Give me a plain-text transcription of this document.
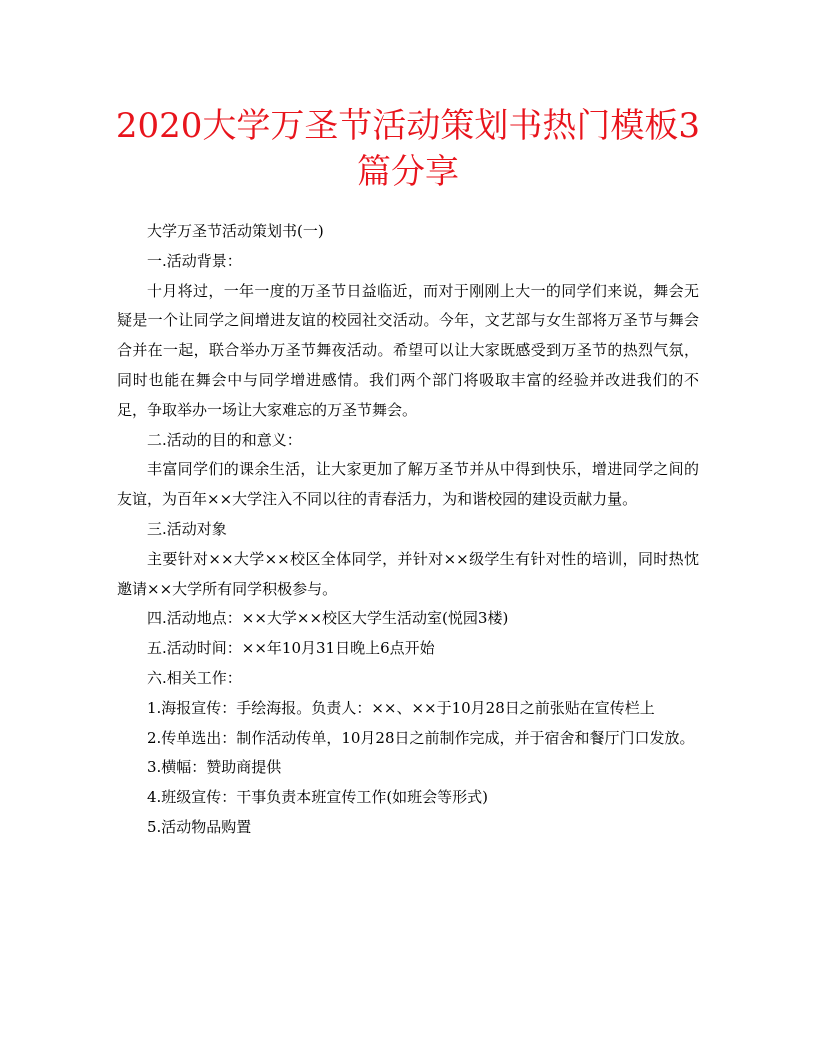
2020大学万圣节活动策划书热门模板3
篇分享

大学万圣节活动策划书(一)

一.活动背景：

十月将过，一年一度的万圣节日益临近，而对于刚刚上大一的同学们来说，舞会无疑是一个让同学之间增进友谊的校园社交活动。今年，文艺部与女生部将万圣节与舞会合并在一起，联合举办万圣节舞夜活动。希望可以让大家既感受到万圣节的热烈气氛，同时也能在舞会中与同学增进感情。我们两个部门将吸取丰富的经验并改进我们的不足，争取举办一场让大家难忘的万圣节舞会。

二.活动的目的和意义：

丰富同学们的课余生活，让大家更加了解万圣节并从中得到快乐，增进同学之间的友谊，为百年××大学注入不同以往的青春活力，为和谐校园的建设贡献力量。

三.活动对象

主要针对××大学××校区全体同学，并针对××级学生有针对性的培训，同时热忱邀请××大学所有同学积极参与。

四.活动地点：××大学××校区大学生活动室(悦园3楼)

五.活动时间：××年10月31日晚上6点开始

六.相关工作：

1.海报宣传：手绘海报。负责人：××、××于10月28日之前张贴在宣传栏上

2.传单选出：制作活动传单，10月28日之前制作完成，并于宿舍和餐厅门口发放。

3.横幅：赞助商提供

4.班级宣传：干事负责本班宣传工作(如班会等形式)

5.活动物品购置
